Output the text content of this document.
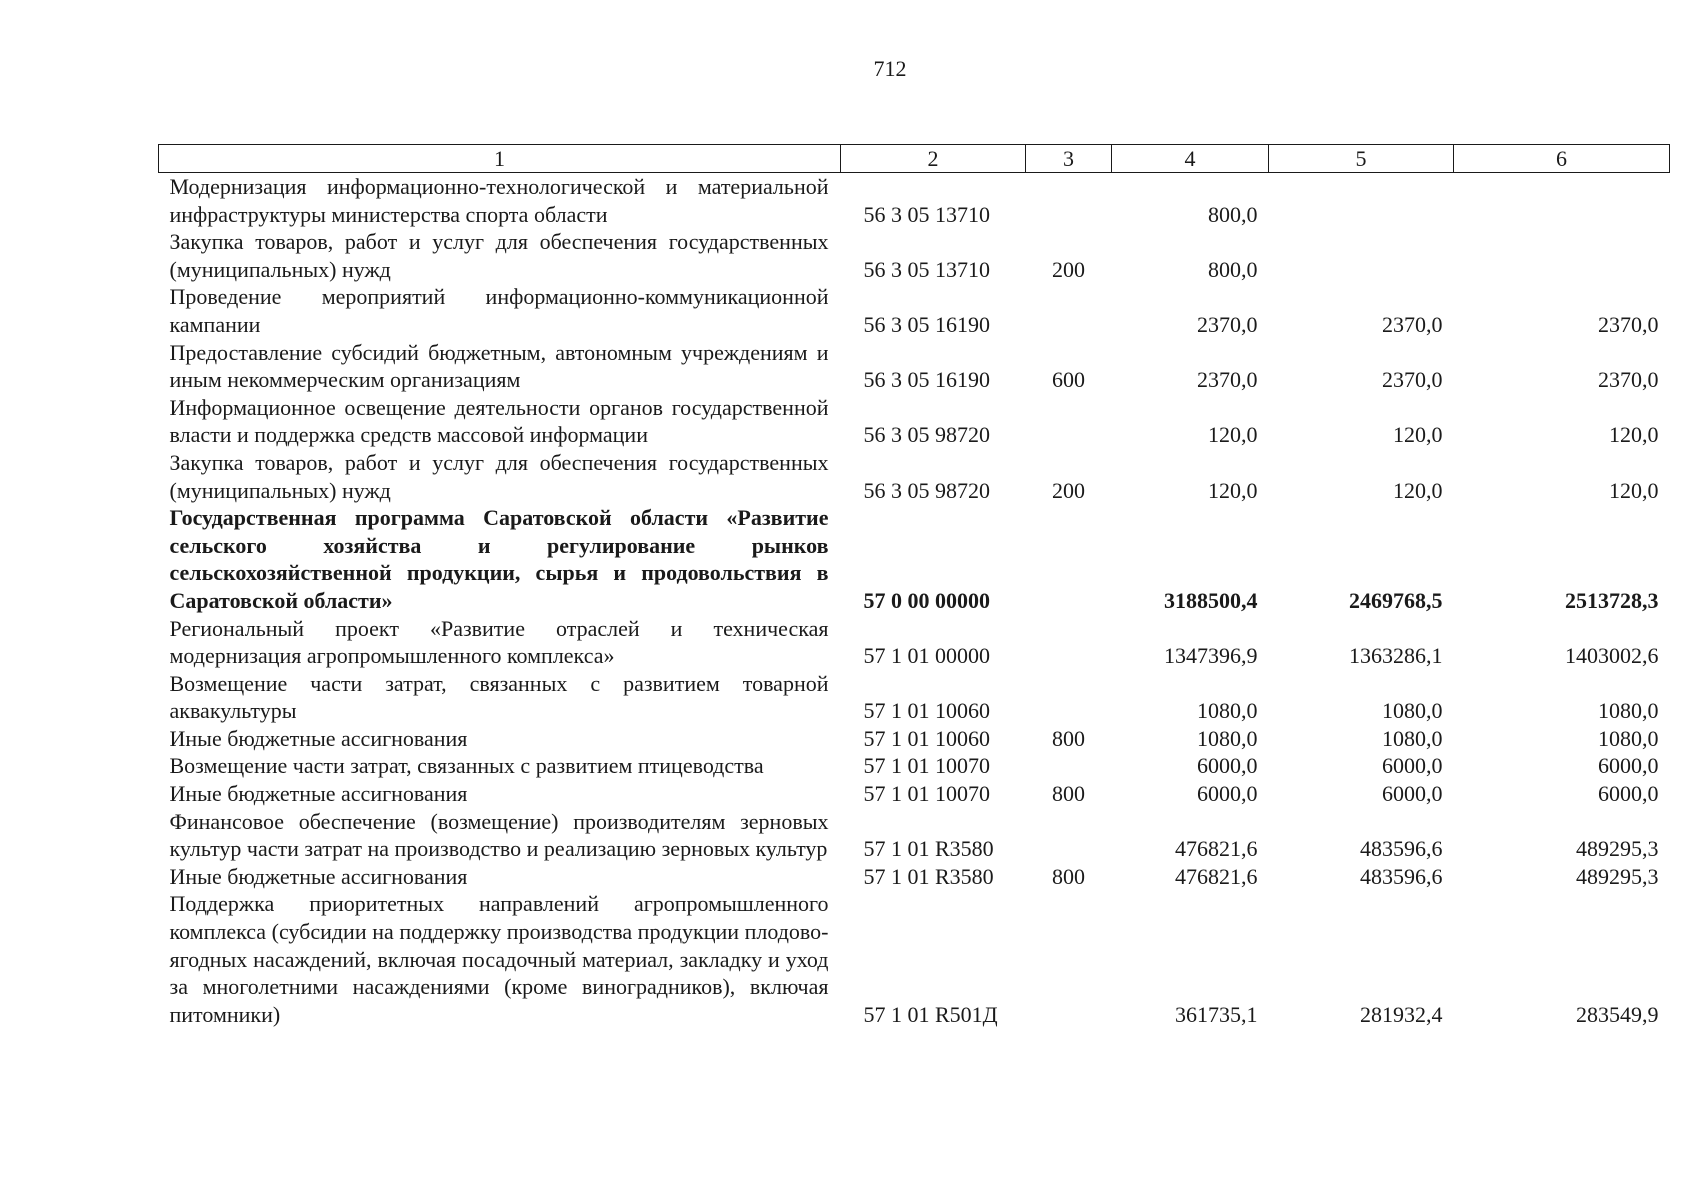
712
1	2	3	4	5	6
Модернизация информационно-технологической и материальной инфраструктуры министерства спорта области	56 3 05 13710		800,0		
Закупка товаров, работ и услуг для обеспечения государственных (муниципальных) нужд	56 3 05 13710	200	800,0		
Проведение мероприятий информационно-коммуникационной кампании	56 3 05 16190		2370,0	2370,0	2370,0
Предоставление субсидий бюджетным, автономным учреждениям и иным некоммерческим организациям	56 3 05 16190	600	2370,0	2370,0	2370,0
Информационное освещение деятельности органов государственной власти и поддержка средств массовой информации	56 3 05 98720		120,0	120,0	120,0
Закупка товаров, работ и услуг для обеспечения государственных (муниципальных) нужд	56 3 05 98720	200	120,0	120,0	120,0
Государственная программа Саратовской области «Развитие сельского хозяйства и регулирование рынков сельскохозяйственной продукции, сырья и продовольствия в Саратовской области»	57 0 00 00000		3188500,4	2469768,5	2513728,3
Региональный проект «Развитие отраслей и техническая модернизация агропромышленного комплекса»	57 1 01 00000		1347396,9	1363286,1	1403002,6
Возмещение части затрат, связанных с развитием товарной аквакультуры	57 1 01 10060		1080,0	1080,0	1080,0
Иные бюджетные ассигнования	57 1 01 10060	800	1080,0	1080,0	1080,0
Возмещение части затрат, связанных с развитием птицеводства	57 1 01 10070		6000,0	6000,0	6000,0
Иные бюджетные ассигнования	57 1 01 10070	800	6000,0	6000,0	6000,0
Финансовое обеспечение (возмещение) производителям зерновых культур части затрат на производство и реализацию зерновых культур	57 1 01 R3580		476821,6	483596,6	489295,3
Иные бюджетные ассигнования	57 1 01 R3580	800	476821,6	483596,6	489295,3
Поддержка приоритетных направлений агропромышленного комплекса (субсидии на поддержку производства продукции плодово-ягодных насаждений, включая посадочный материал, закладку и уход за многолетними насаждениями (кроме виноградников), включая питомники)	57 1 01 R501Д		361735,1	281932,4	283549,9
